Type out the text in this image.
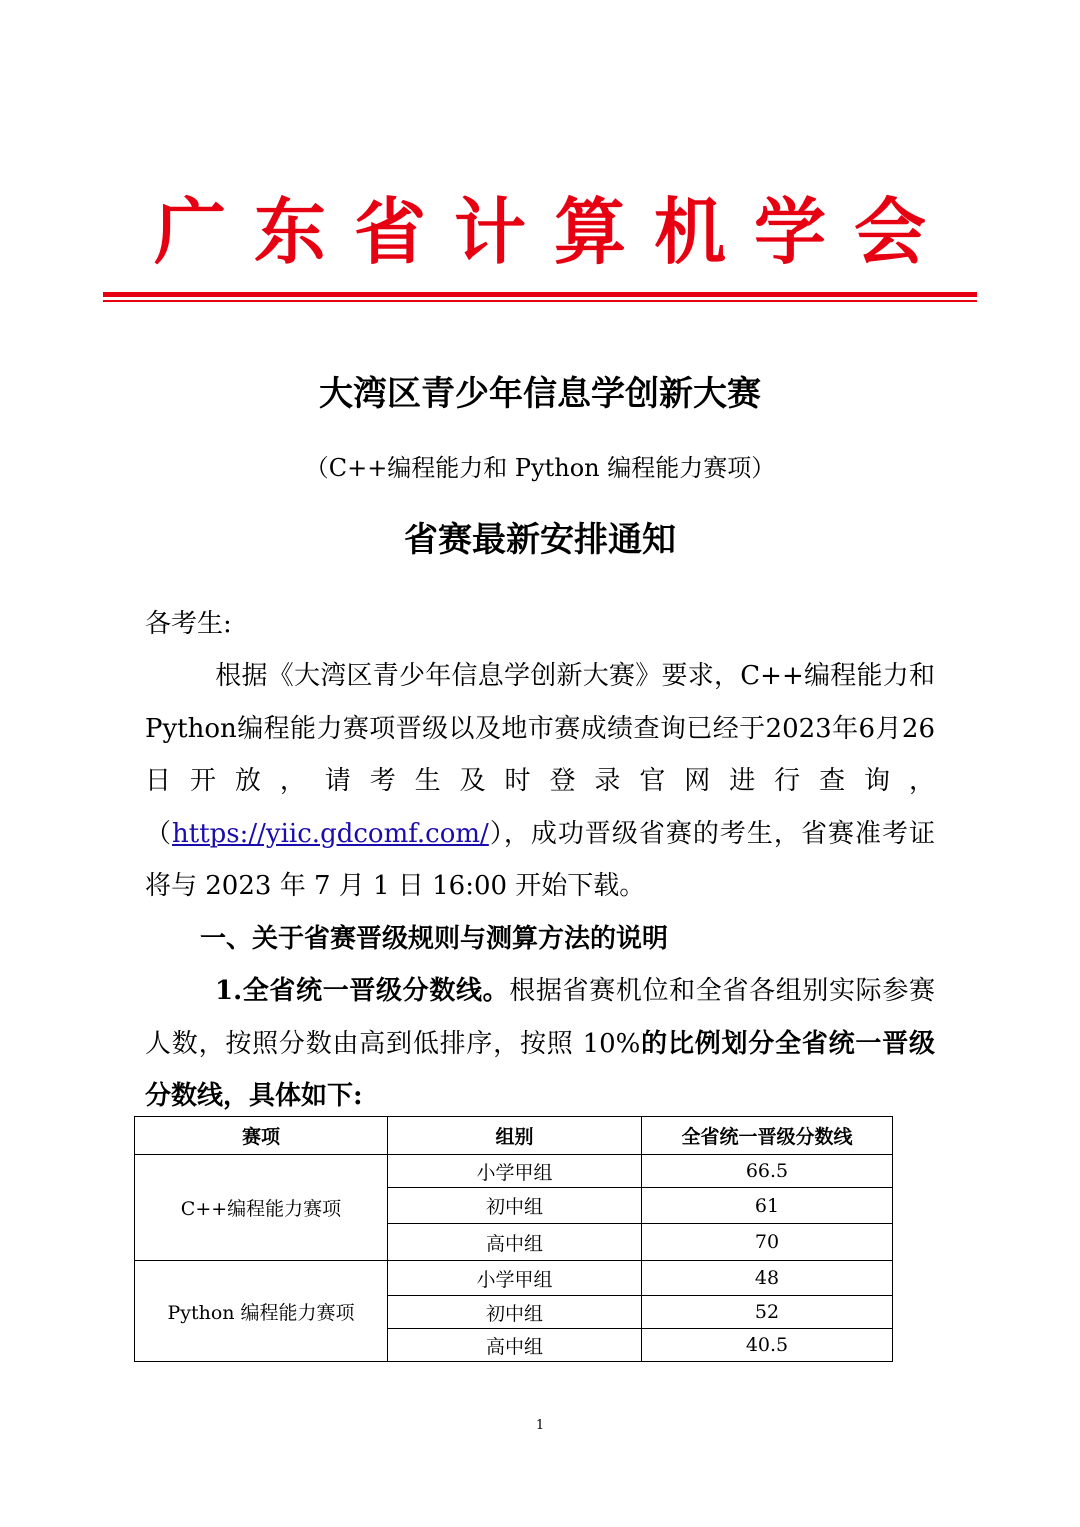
广东省计算机学会
大湾区青少年信息学创新大赛
（C++编程能力和 Python 编程能力赛项）
省赛最新安排通知
各考生:
根据《大湾区青少年信息学创新大赛》要求，C++编程能力和Python编程能力赛项晋级以及地市赛成绩查询已经于2023年6月26日开放，请考生及时登录官网进行查询，（https://yiic.gdcomf.com/），成功晋级省赛的考生，省赛准考证将与 2023 年 7 月 1 日 16:00 开始下载。
一、关于省赛晋级规则与测算方法的说明
1.全省统一晋级分数线。根据省赛机位和全省各组别实际参赛人数，按照分数由高到低排序，按照 10%的比例划分全省统一晋级分数线，具体如下:
赛项	组别	全省统一晋级分数线
C++编程能力赛项	小学甲组	66.5
	初中组	61
	高中组	70
Python 编程能力赛项	小学甲组	48
	初中组	52
	高中组	40.5
1
